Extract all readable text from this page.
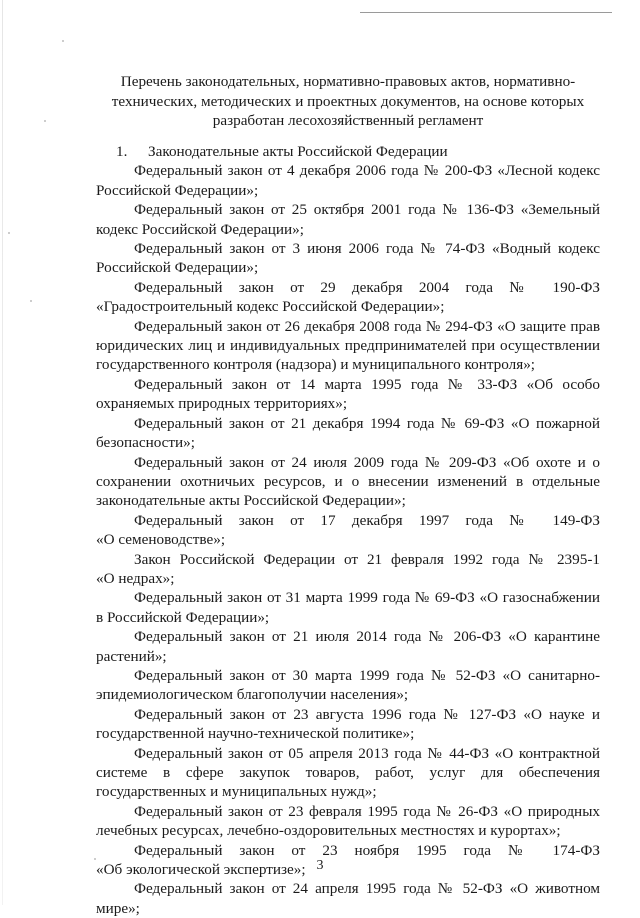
Перечень законодательных, нормативно-правовых актов, нормативно-
технических, методических и проектных документов, на основе которых
разработан лесохозяйственный регламент
1. Законодательные акты Российской Федерации

Федеральный закон от 4 декабря 2006 года № 200-ФЗ «Лесной кодекс
Российской Федерации»;

Федеральный закон от 25 октября 2001 года № 136-ФЗ «Земельный
кодекс Российской Федерации»;

Федеральный закон от 3 июня 2006 года № 74-ФЗ «Водный кодекс
Российской Федерации»;

Федеральный закон от 29 декабря 2004 года № 190-ФЗ
«Градостроительный кодекс Российской Федерации»;

Федеральный закон от 26 декабря 2008 года № 294-ФЗ «О защите прав
юридических лиц и индивидуальных предпринимателей при осуществлении
государственного контроля (надзора) и муниципального контроля»;

Федеральный закон от 14 марта 1995 года № 33-ФЗ «Об особо
охраняемых природных территориях»;

Федеральный закон от 21 декабря 1994 года № 69-ФЗ «О пожарной
безопасности»;

Федеральный закон от 24 июля 2009 года № 209-ФЗ «Об охоте и о
сохранении охотничьих ресурсов, и о внесении изменений в отдельные
законодательные акты Российской Федерации»;

Федеральный закон от 17 декабря 1997 года № 149-ФЗ
«О семеноводстве»;

Закон Российской Федерации от 21 февраля 1992 года № 2395-1
«О недрах»;

Федеральный закон от 31 марта 1999 года № 69-ФЗ «О газоснабжении
в Российской Федерации»;

Федеральный закон от 21 июля 2014 года № 206-ФЗ «О карантине
растений»;

Федеральный закон от 30 марта 1999 года № 52-ФЗ «О санитарно-
эпидемиологическом благополучии населения»;

Федеральный закон от 23 августа 1996 года № 127-ФЗ «О науке и
государственной научно-технической политике»;

Федеральный закон от 05 апреля 2013 года № 44-ФЗ «О контрактной
системе в сфере закупок товаров, работ, услуг для обеспечения
государственных и муниципальных нужд»;

Федеральный закон от 23 февраля 1995 года № 26-ФЗ «О природных
лечебных ресурсах, лечебно-оздоровительных местностях и курортах»;

Федеральный закон от 23 ноября 1995 года № 174-ФЗ
«Об экологической экспертизе»;

Федеральный закон от 24 апреля 1995 года № 52-ФЗ «О животном
мире»;

3
